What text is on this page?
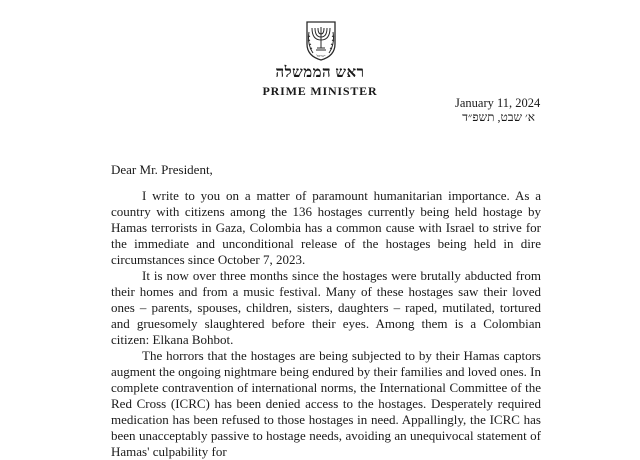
ישראל
ראש הממשלה
PRIME MINISTER
January 11, 2024
א׳ שבט, תשפ״ד
Dear Mr. President,

I write to you on a matter of paramount humanitarian importance. As a country with citizens among the 136 hostages currently being held hostage by Hamas terrorists in Gaza, Colombia has a common cause with Israel to strive for the immediate and unconditional release of the hostages being held in dire circumstances since October 7, 2023.

It is now over three months since the hostages were brutally abducted from their homes and from a music festival. Many of these hostages saw their loved ones – parents, spouses, children, sisters, daughters – raped, mutilated, tortured and gruesomely slaughtered before their eyes. Among them is a Colombian citizen: Elkana Bohbot.

The horrors that the hostages are being subjected to by their Hamas captors augment the ongoing nightmare being endured by their families and loved ones. In complete contravention of international norms, the International Committee of the Red Cross (ICRC) has been denied access to the hostages. Desperately required medication has been refused to those hostages in need. Appallingly, the ICRC has been unacceptably passive to hostage needs, avoiding an unequivocal statement of Hamas' culpability for
